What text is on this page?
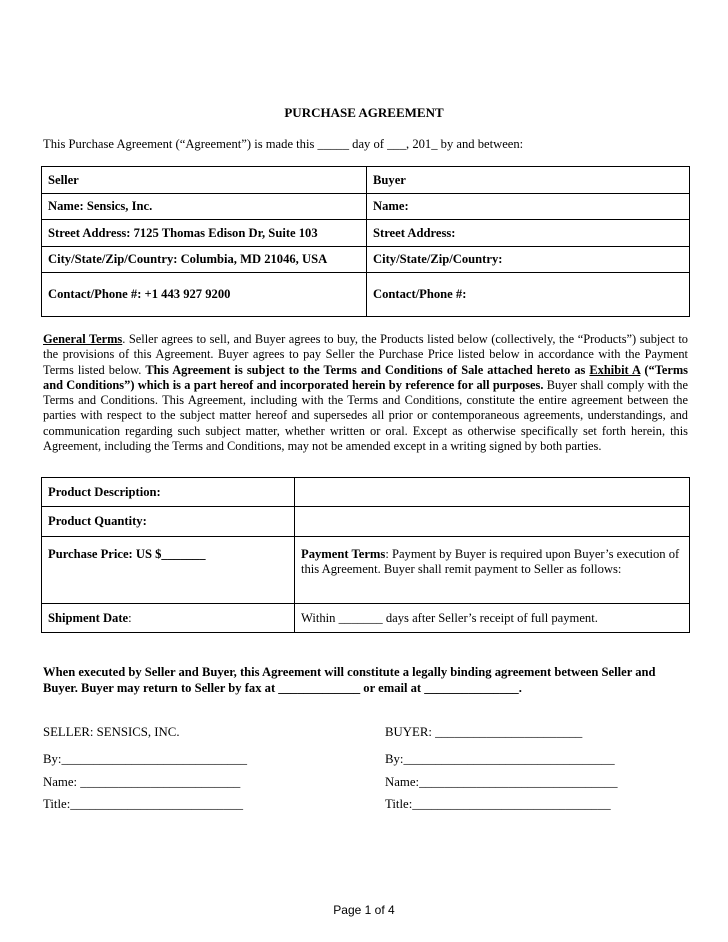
PURCHASE AGREEMENT
This Purchase Agreement (“Agreement”) is made this _____ day of ___, 201_ by and between:
Seller	Buyer
Name: Sensics, Inc.	Name:
Street Address: 7125 Thomas Edison Dr, Suite 103	Street Address:
City/State/Zip/Country: Columbia, MD 21046, USA	City/State/Zip/Country:
Contact/Phone #: +1 443 927 9200	Contact/Phone #:
General Terms. Seller agrees to sell, and Buyer agrees to buy, the Products listed below (collectively, the “Products”) subject to the provisions of this Agreement. Buyer agrees to pay Seller the Purchase Price listed below in accordance with the Payment Terms listed below. This Agreement is subject to the Terms and Conditions of Sale attached hereto as Exhibit A (“Terms and Conditions”) which is a part hereof and incorporated herein by reference for all purposes. Buyer shall comply with the Terms and Conditions. This Agreement, including with the Terms and Conditions, constitute the entire agreement between the parties with respect to the subject matter hereof and supersedes all prior or contemporaneous agreements, understandings, and communication regarding such subject matter, whether written or oral. Except as otherwise specifically set forth herein, this Agreement, including the Terms and Conditions, may not be amended except in a writing signed by both parties.
Product Description:	
Product Quantity:	
Purchase Price: US $_______	Payment Terms: Payment by Buyer is required upon Buyer’s execution of this Agreement. Buyer shall remit payment to Seller as follows:
Shipment Date:	Within _______ days after Seller’s receipt of full payment.
When executed by Seller and Buyer, this Agreement will constitute a legally binding agreement between Seller and Buyer. Buyer may return to Seller by fax at _____________ or email at _______________.
SELLER: SENSICS, INC.	BUYER: _______________________
By:_____________________________	By:_________________________________
Name: _________________________	Name:_______________________________
Title:___________________________	Title:_______________________________
Page 1 of 4
